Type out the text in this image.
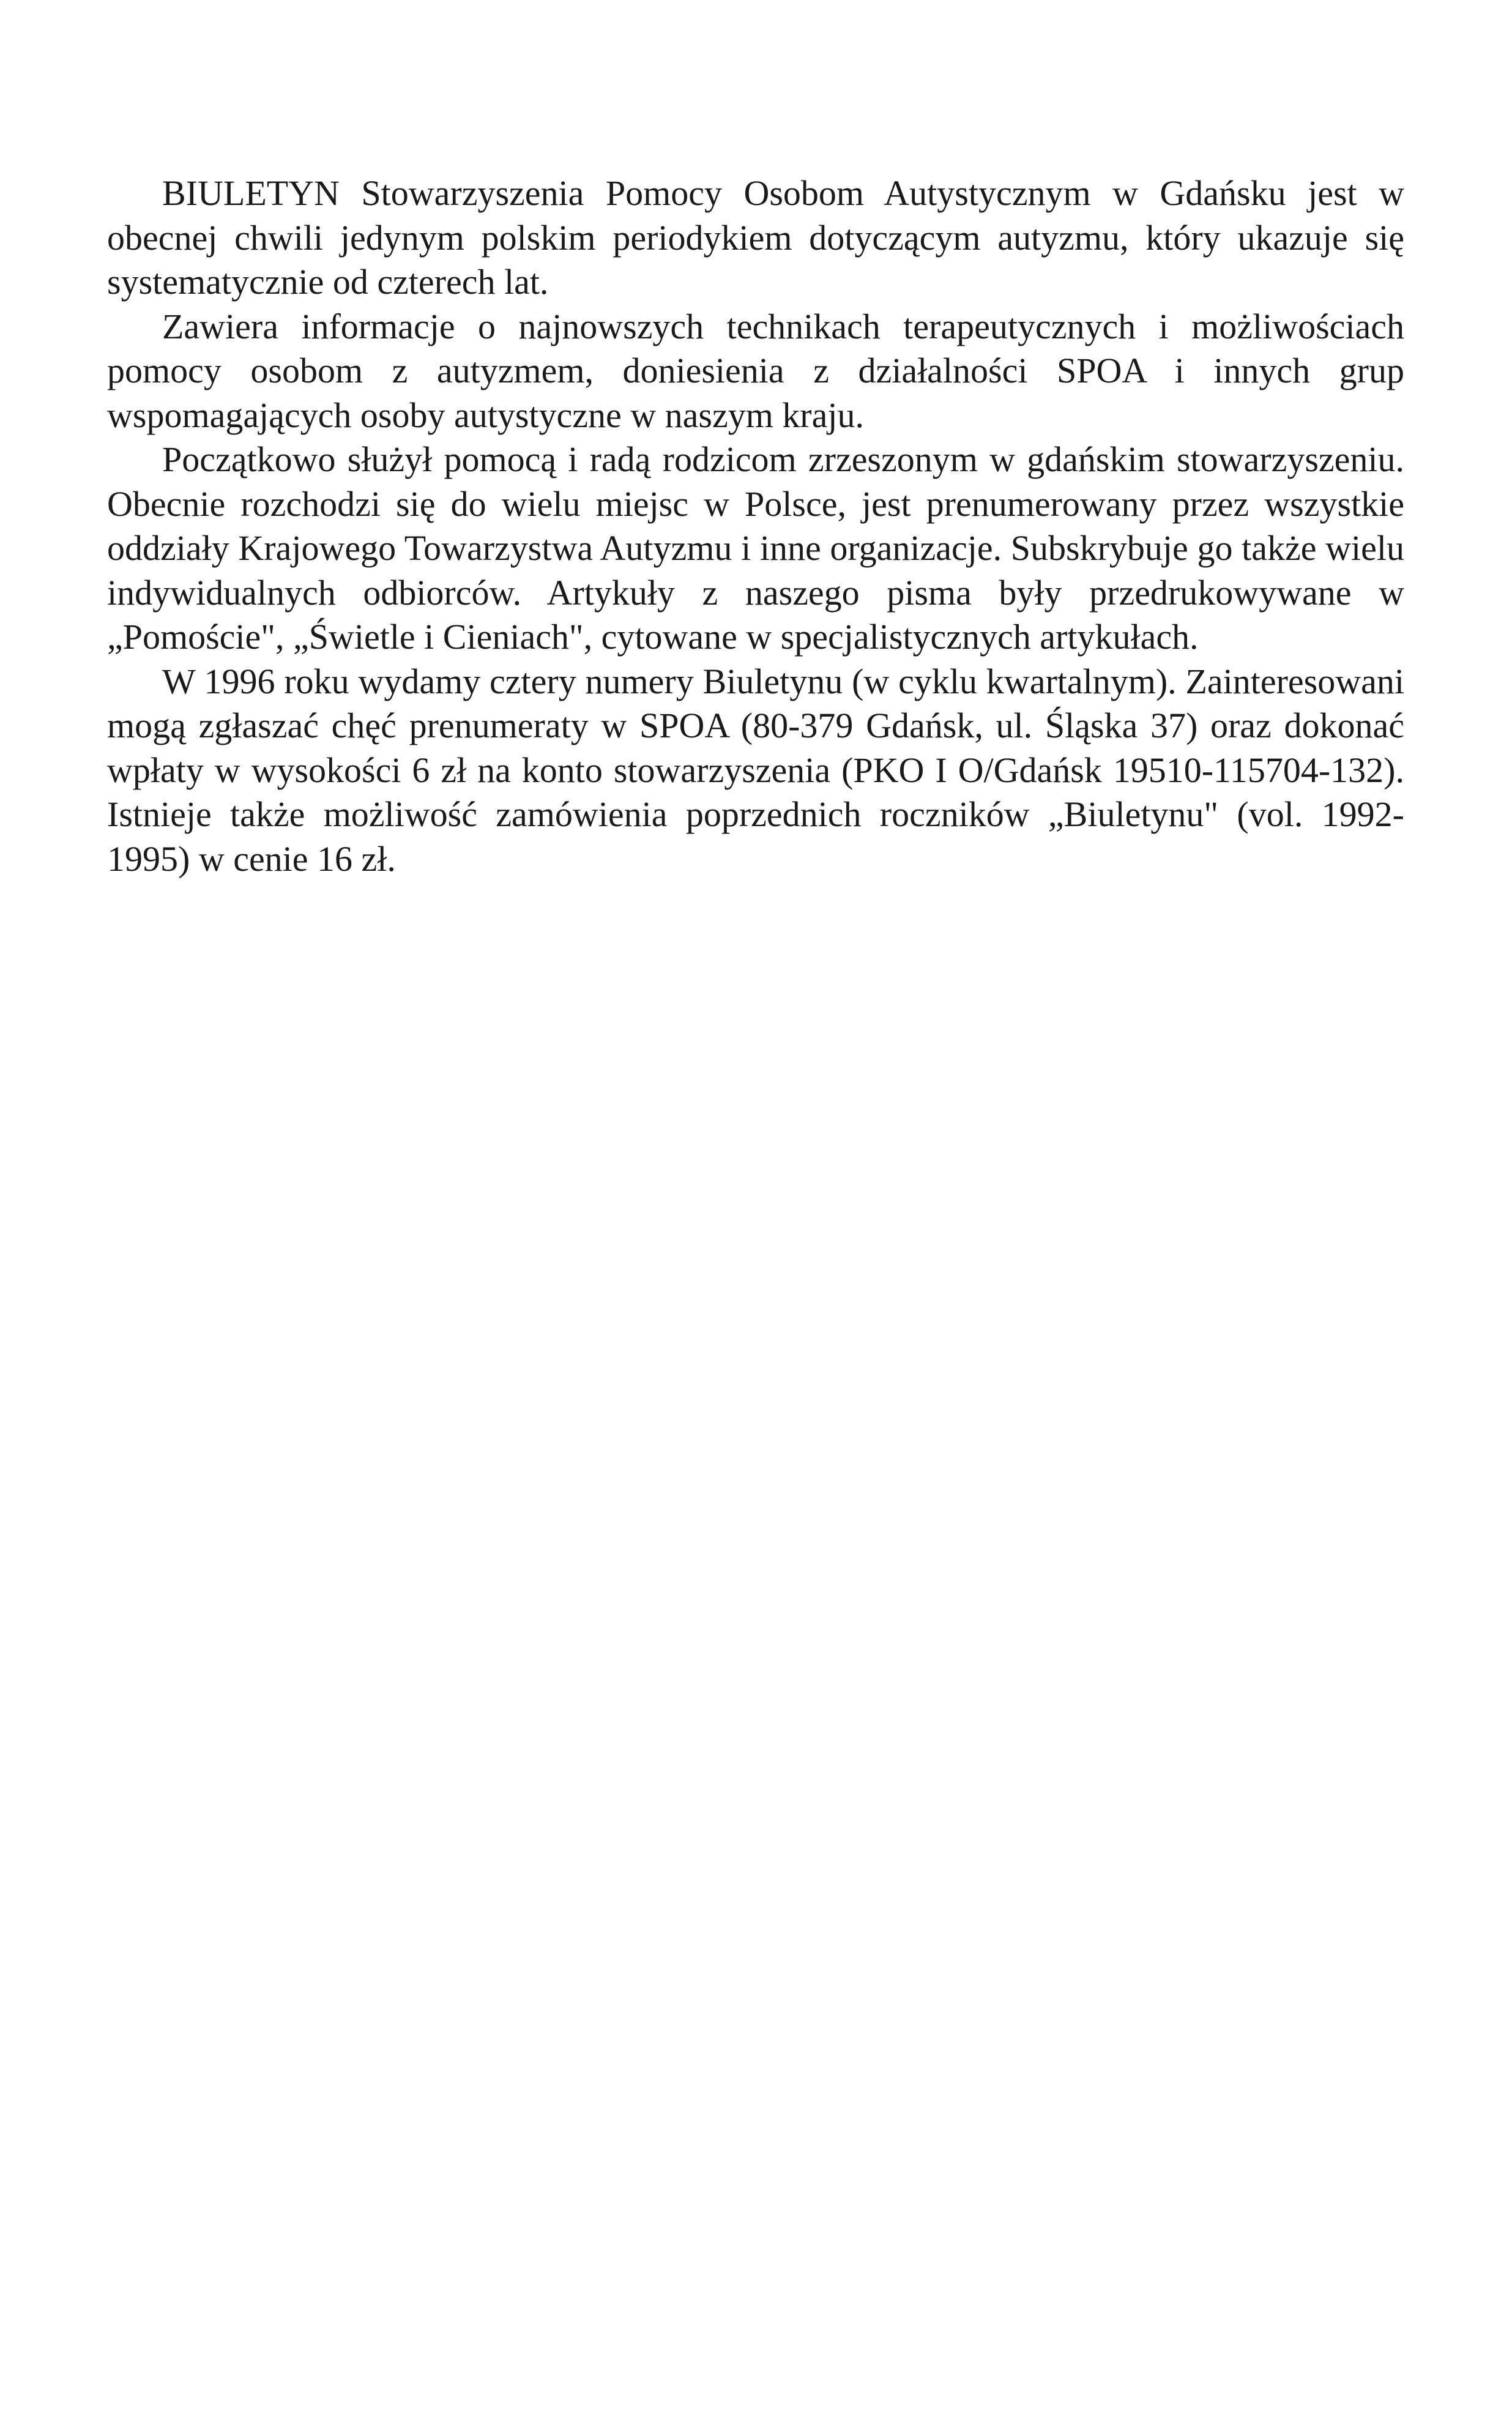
BIULETYN Stowarzyszenia Pomocy Osobom Autystycznym w Gdańsku jest w obecnej chwili jedynym polskim periodykiem dotyczącym autyzmu, który ukazuje się systematycznie od czterech lat.

Zawiera informacje o najnowszych technikach terapeutycznych i możliwościach pomocy osobom z autyzmem, doniesienia z działalności SPOA i innych grup wspomagających osoby autystyczne w naszym kraju.

Początkowo służył pomocą i radą rodzicom zrzeszonym w gdańskim stowarzyszeniu. Obecnie rozchodzi się do wielu miejsc w Polsce, jest prenumerowany przez wszystkie oddziały Krajowego Towarzystwa Autyzmu i inne organizacje. Subskrybuje go także wielu indywidualnych odbiorców. Artykuły z naszego pisma były przedrukowywane w „Pomoście", „Świetle i Cieniach", cytowane w specjalistycznych artykułach.

W 1996 roku wydamy cztery numery Biuletynu (w cyklu kwartalnym). Zainteresowani mogą zgłaszać chęć prenumeraty w SPOA (80-379 Gdańsk, ul. Śląska 37) oraz dokonać wpłaty w wysokości 6 zł na konto stowarzyszenia (PKO I O/Gdańsk 19510-115704-132). Istnieje także możliwość zamówienia poprzednich roczników „Biuletynu" (vol. 1992-1995) w cenie 16 zł.
